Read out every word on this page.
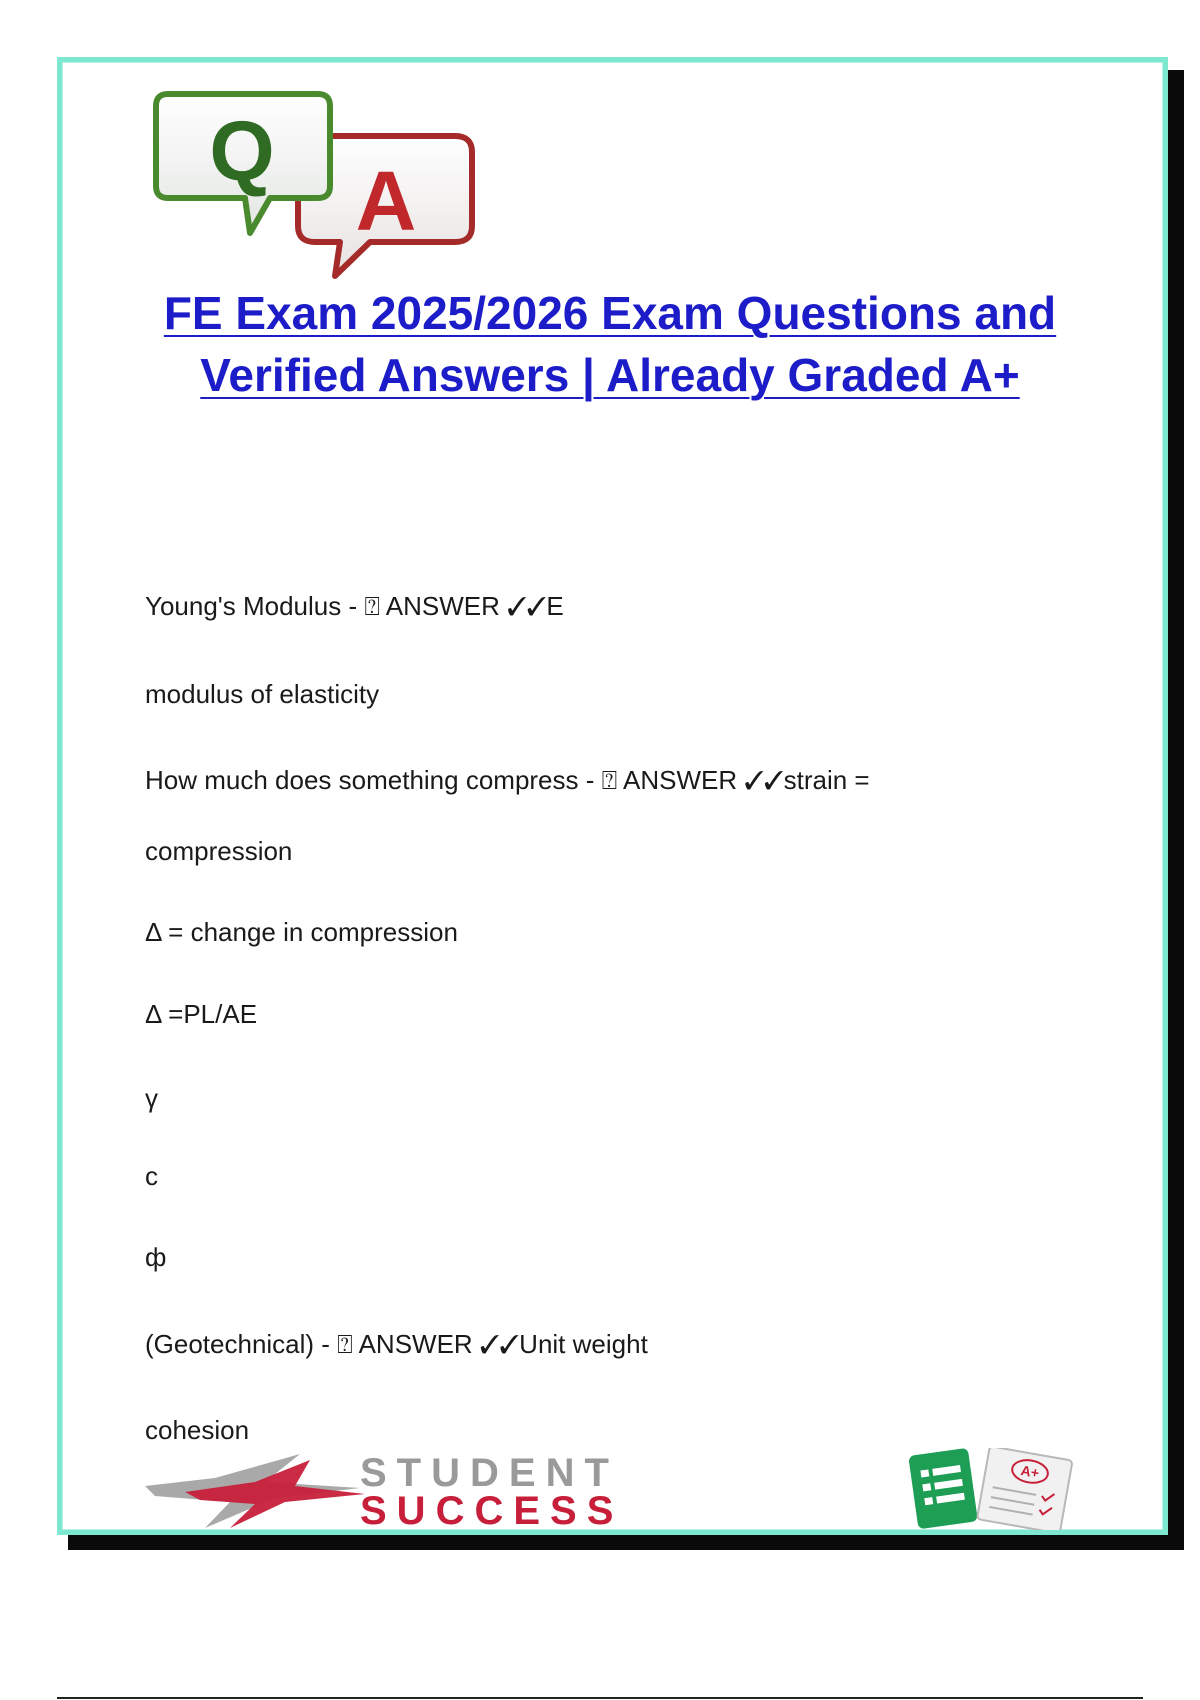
A
Q
FE Exam 2025/2026 Exam Questions and Verified Answers | Already Graded A+

Young's Modulus - ⍰ ANSWER ✓✓E

modulus of elasticity

How much does something compress - ⍰ ANSWER ✓✓strain =

compression

Δ = change in compression

Δ =PL/AE

γ

c

ф

(Geotechnical) - ⍰ ANSWER ✓✓Unit weight

cohesion

STUDENT
SUCCESS
A+
